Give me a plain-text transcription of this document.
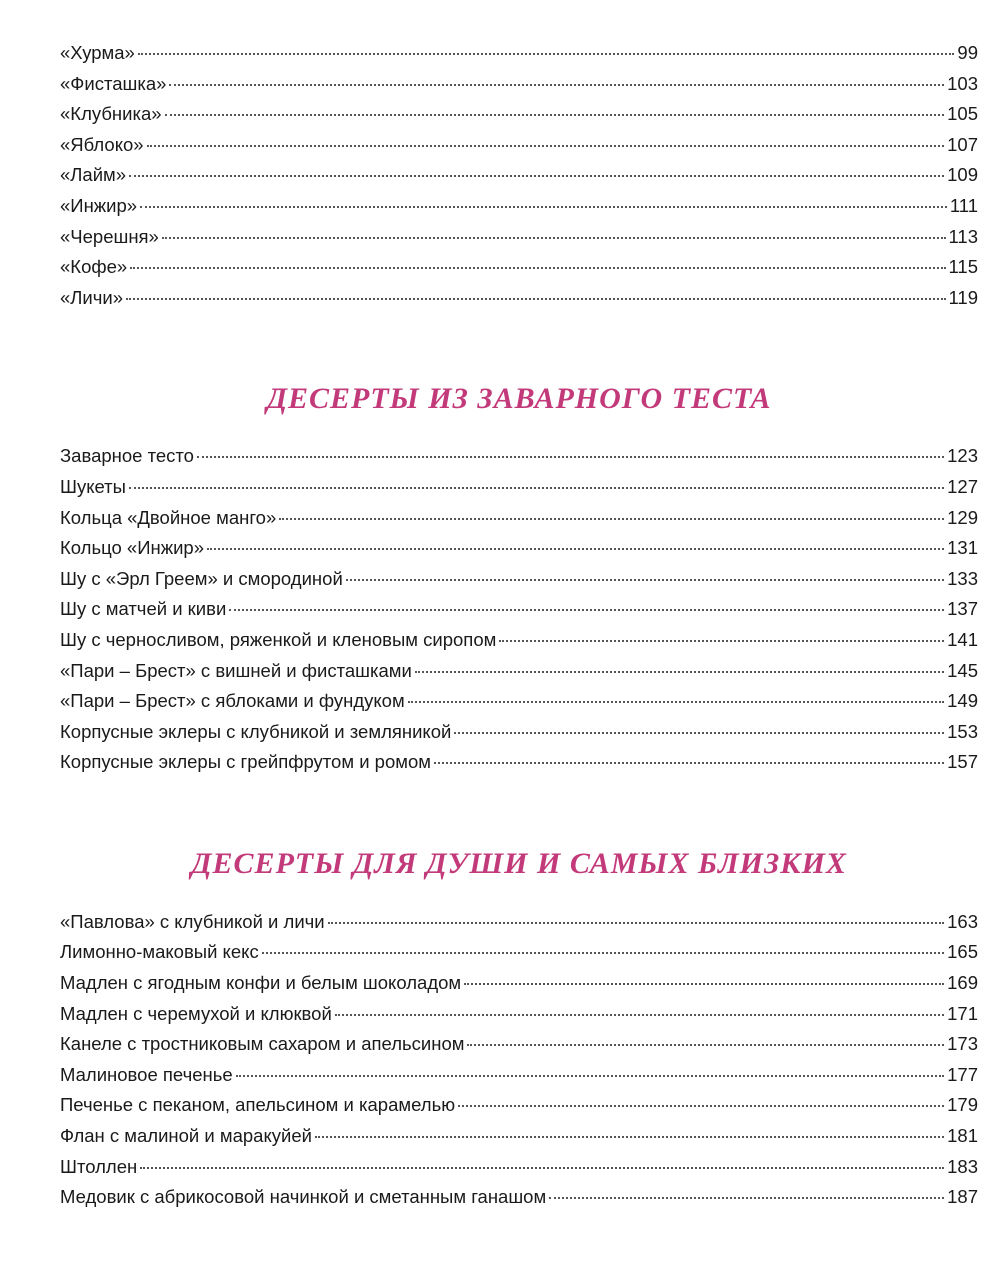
«Хурма»	99
«Фисташка»	103
«Клубника»	105
«Яблоко»	107
«Лайм»	109
«Инжир»	111
«Черешня»	113
«Кофе»	115
«Личи»	119
ДЕСЕРТЫ ИЗ ЗАВАРНОГО ТЕСТА
Заварное тесто	123
Шукеты	127
Кольца «Двойное манго»	129
Кольцо «Инжир»	131
Шу с «Эрл Греем» и смородиной	133
Шу с матчей и киви	137
Шу с черносливом, ряженкой и кленовым сиропом	141
«Пари – Брест» с вишней и фисташками	145
«Пари – Брест» с яблоками и фундуком	149
Корпусные эклеры с клубникой и земляникой	153
Корпусные эклеры с грейпфрутом и ромом	157
ДЕСЕРТЫ ДЛЯ ДУШИ И САМЫХ БЛИЗКИХ
«Павлова» с клубникой и личи	163
Лимонно-маковый кекс	165
Мадлен с ягодным конфи и белым шоколадом	169
Мадлен с черемухой и клюквой	171
Канеле с тростниковым сахаром и апельсином	173
Малиновое печенье	177
Печенье с пеканом, апельсином и карамелью	179
Флан с малиной и маракуйей	181
Штоллен	183
Медовик с абрикосовой начинкой и сметанным ганашом	187
